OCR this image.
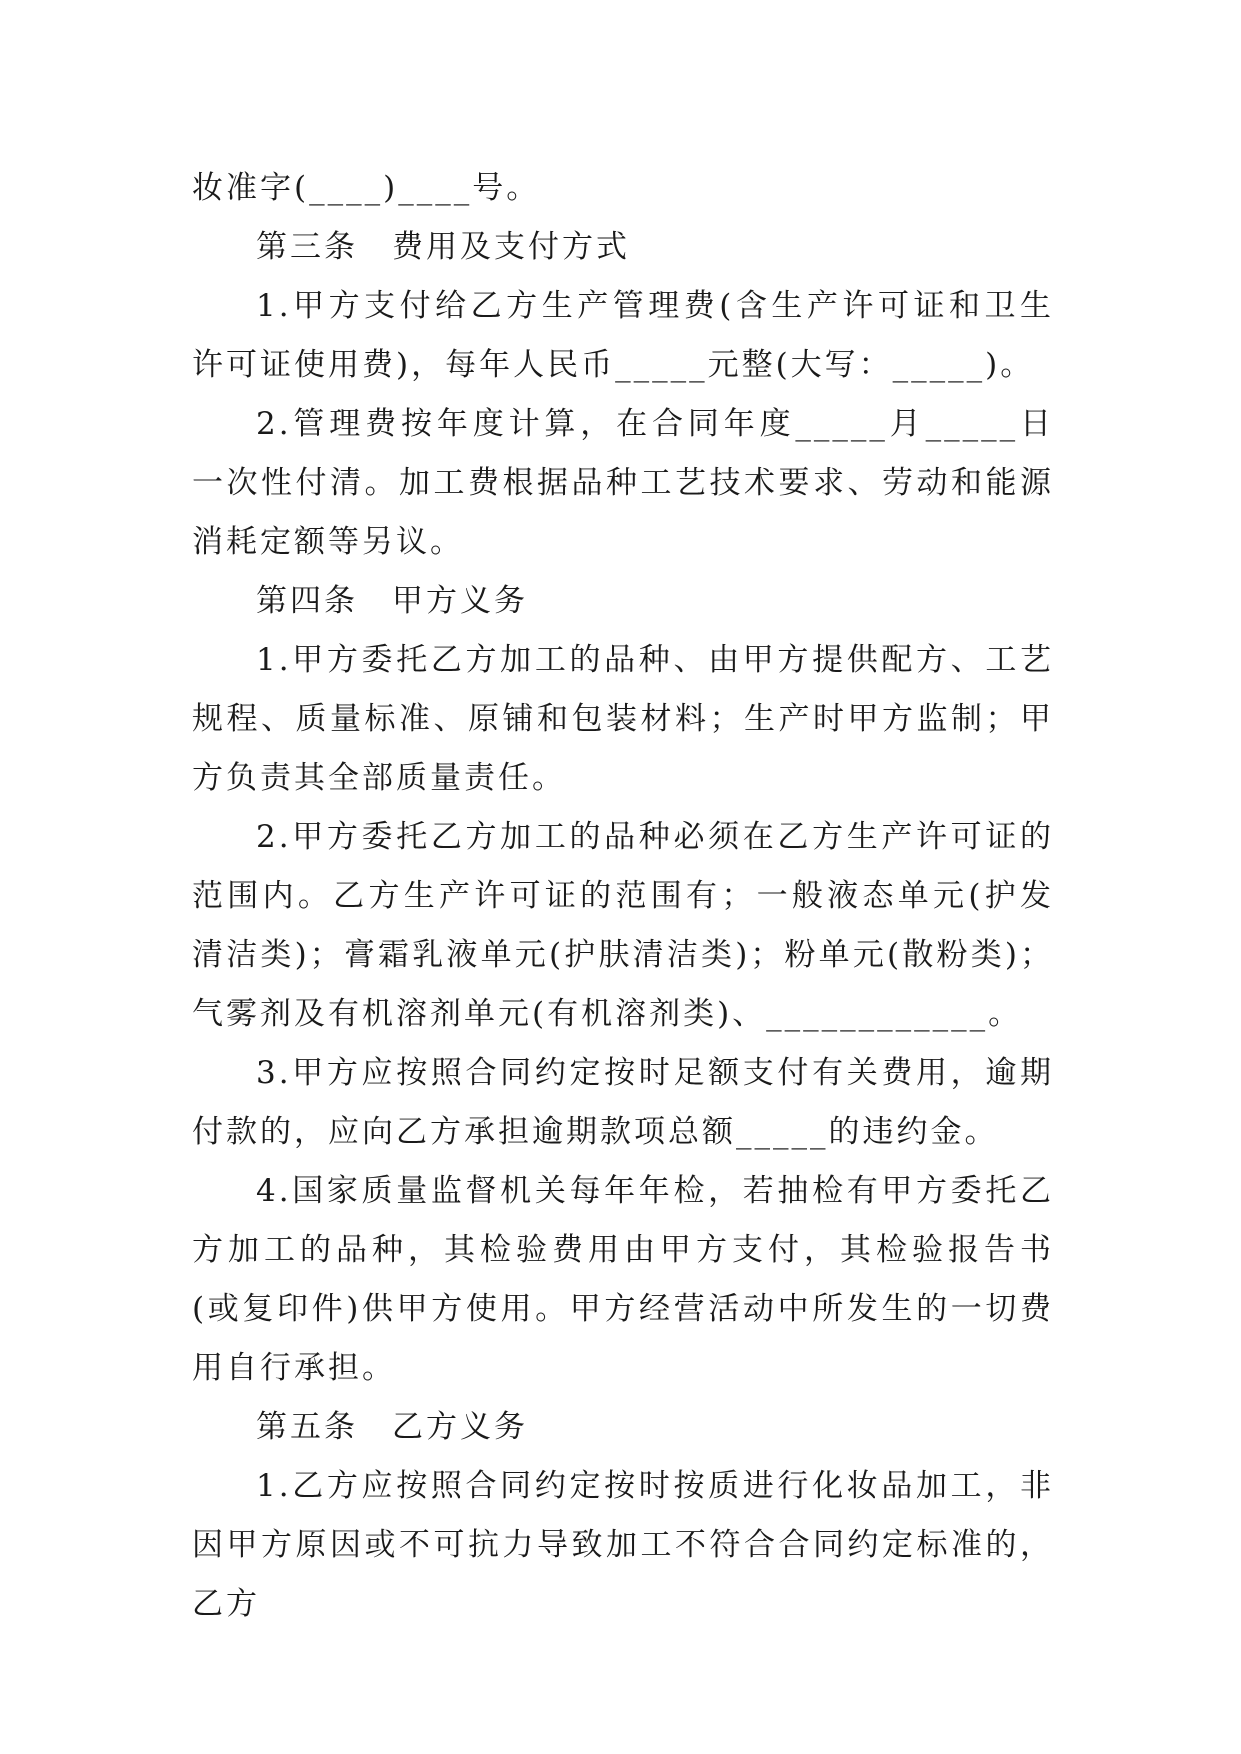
妆准字(____)____号。

第三条　费用及支付方式

1.甲方支付给乙方生产管理费(含生产许可证和卫生许可证使用费)，每年人民币_____元整(大写：_____)。

2.管理费按年度计算，在合同年度_____月_____日一次性付清。加工费根据品种工艺技术要求、劳动和能源消耗定额等另议。

第四条　甲方义务

1.甲方委托乙方加工的品种、由甲方提供配方、工艺规程、质量标准、原铺和包装材料；生产时甲方监制；甲方负责其全部质量责任。

2.甲方委托乙方加工的品种必须在乙方生产许可证的范围内。乙方生产许可证的范围有；一般液态单元(护发清洁类)；膏霜乳液单元(护肤清洁类)；粉单元(散粉类)；气雾剂及有机溶剂单元(有机溶剂类)、____________。

3.甲方应按照合同约定按时足额支付有关费用，逾期付款的，应向乙方承担逾期款项总额_____的违约金。

4.国家质量监督机关每年年检，若抽检有甲方委托乙方加工的品种，其检验费用由甲方支付，其检验报告书(或复印件)供甲方使用。甲方经营活动中所发生的一切费用自行承担。

第五条　乙方义务

1.乙方应按照合同约定按时按质进行化妆品加工，非因甲方原因或不可抗力导致加工不符合合同约定标准的，乙方
